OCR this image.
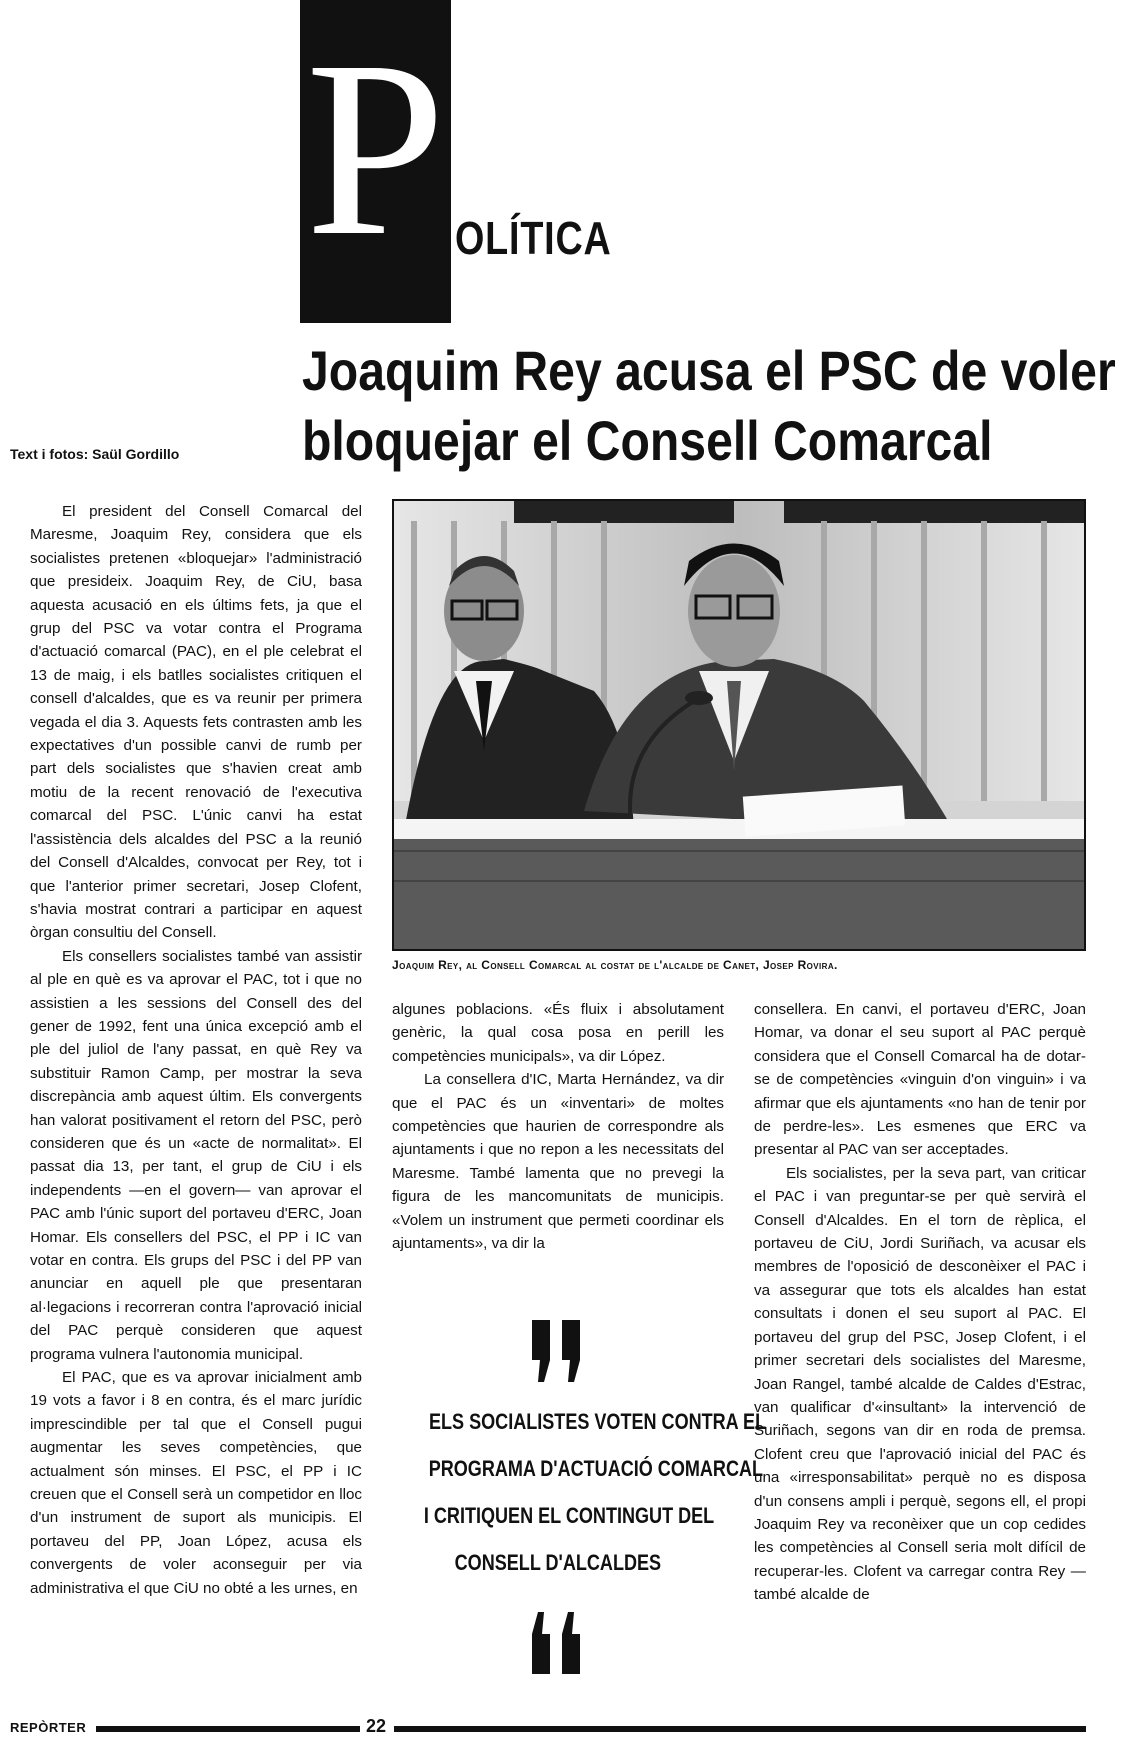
P OLÍTICA
Joaquim Rey acusa el PSC de voler
bloquejar el Consell Comarcal
Text i fotos: Saül Gordillo

El president del Consell Comarcal del Maresme, Joaquim Rey, considera que els socialistes pretenen «bloquejar» l'administració que presideix. Joaquim Rey, de CiU, basa aquesta acusació en els últims fets, ja que el grup del PSC va votar contra el Programa d'actuació comarcal (PAC), en el ple celebrat el 13 de maig, i els batlles socialistes critiquen el consell d'alcaldes, que es va reunir per primera vegada el dia 3. Aquests fets contrasten amb les expectatives d'un possible canvi de rumb per part dels socialistes que s'havien creat amb motiu de la recent renovació de l'executiva comarcal del PSC. L'únic canvi ha estat l'assistència dels alcaldes del PSC a la reunió del Consell d'Alcaldes, convocat per Rey, tot i que l'anterior primer secretari, Josep Clofent, s'havia mostrat contrari a participar en aquest òrgan consultiu del Consell.

Els consellers socialistes també van assistir al ple en què es va aprovar el PAC, tot i que no assistien a les sessions del Consell des del gener de 1992, fent una única excepció amb el ple del juliol de l'any passat, en què Rey va substituir Ramon Camp, per mostrar la seva discrepància amb aquest últim. Els convergents han valorat positivament el retorn del PSC, però consideren que és un «acte de normalitat». El passat dia 13, per tant, el grup de CiU i els independents —en el govern— van aprovar el PAC amb l'únic suport del portaveu d'ERC, Joan Homar. Els consellers del PSC, el PP i IC van votar en contra. Els grups del PSC i del PP van anunciar en aquell ple que presentaran al·legacions i recorreran contra l'aprovació inicial del PAC perquè consideren que aquest programa vulnera l'autonomia municipal.

El PAC, que es va aprovar inicialment amb 19 vots a favor i 8 en contra, és el marc jurídic imprescindible per tal que el Consell pugui augmentar les seves competències, que actualment són minses. El PSC, el PP i IC creuen que el Consell serà un competidor en lloc d'un instrument de suport als municipis. El portaveu del PP, Joan López, acusa els convergents de voler aconseguir per via administrativa el que CiU no obté a les urnes, en

Joaquim Rey, al Consell Comarcal al costat de l'alcalde de Canet, Josep Rovira.

algunes poblacions. «És fluix i absolutament genèric, la qual cosa posa en perill les competències municipals», va dir López.

La consellera d'IC, Marta Hernández, va dir que el PAC és un «inventari» de moltes competències que haurien de correspondre als ajuntaments i que no repon a les necessitats del Maresme. També lamenta que no prevegi la figura de les mancomunitats de municipis. «Volem un instrument que permeti coordinar els ajuntaments», va dir la

ELS SOCIALISTES VOTEN CONTRA EL
PROGRAMA D'ACTUACIÓ COMARCAL
I CRITIQUEN EL CONTINGUT DEL
CONSELL D'ALCALDES

consellera. En canvi, el portaveu d'ERC, Joan Homar, va donar el seu suport al PAC perquè considera que el Consell Comarcal ha de dotar-se de competències «vinguin d'on vinguin» i va afirmar que els ajuntaments «no han de tenir por de perdre-les». Les esmenes que ERC va presentar al PAC van ser acceptades.

Els socialistes, per la seva part, van criticar el PAC i van preguntar-se per què servirà el Consell d'Alcaldes. En el torn de rèplica, el portaveu de CiU, Jordi Suriñach, va acusar els membres de l'oposició de desconèixer el PAC i va assegurar que tots els alcaldes han estat consultats i donen el seu suport al PAC. El portaveu del grup del PSC, Josep Clofent, i el primer secretari dels socialistes del Maresme, Joan Rangel, també alcalde de Caldes d'Estrac, van qualificar d'«insultant» la intervenció de Suriñach, segons van dir en roda de premsa. Clofent creu que l'aprovació inicial del PAC és una «irresponsabilitat» perquè no es disposa d'un consens ampli i perquè, segons ell, el propi Joaquim Rey va reconèixer que un cop cedides les competències al Consell seria molt difícil de recuperar-les. Clofent va carregar contra Rey —també alcalde de

REPÒRTER	22
